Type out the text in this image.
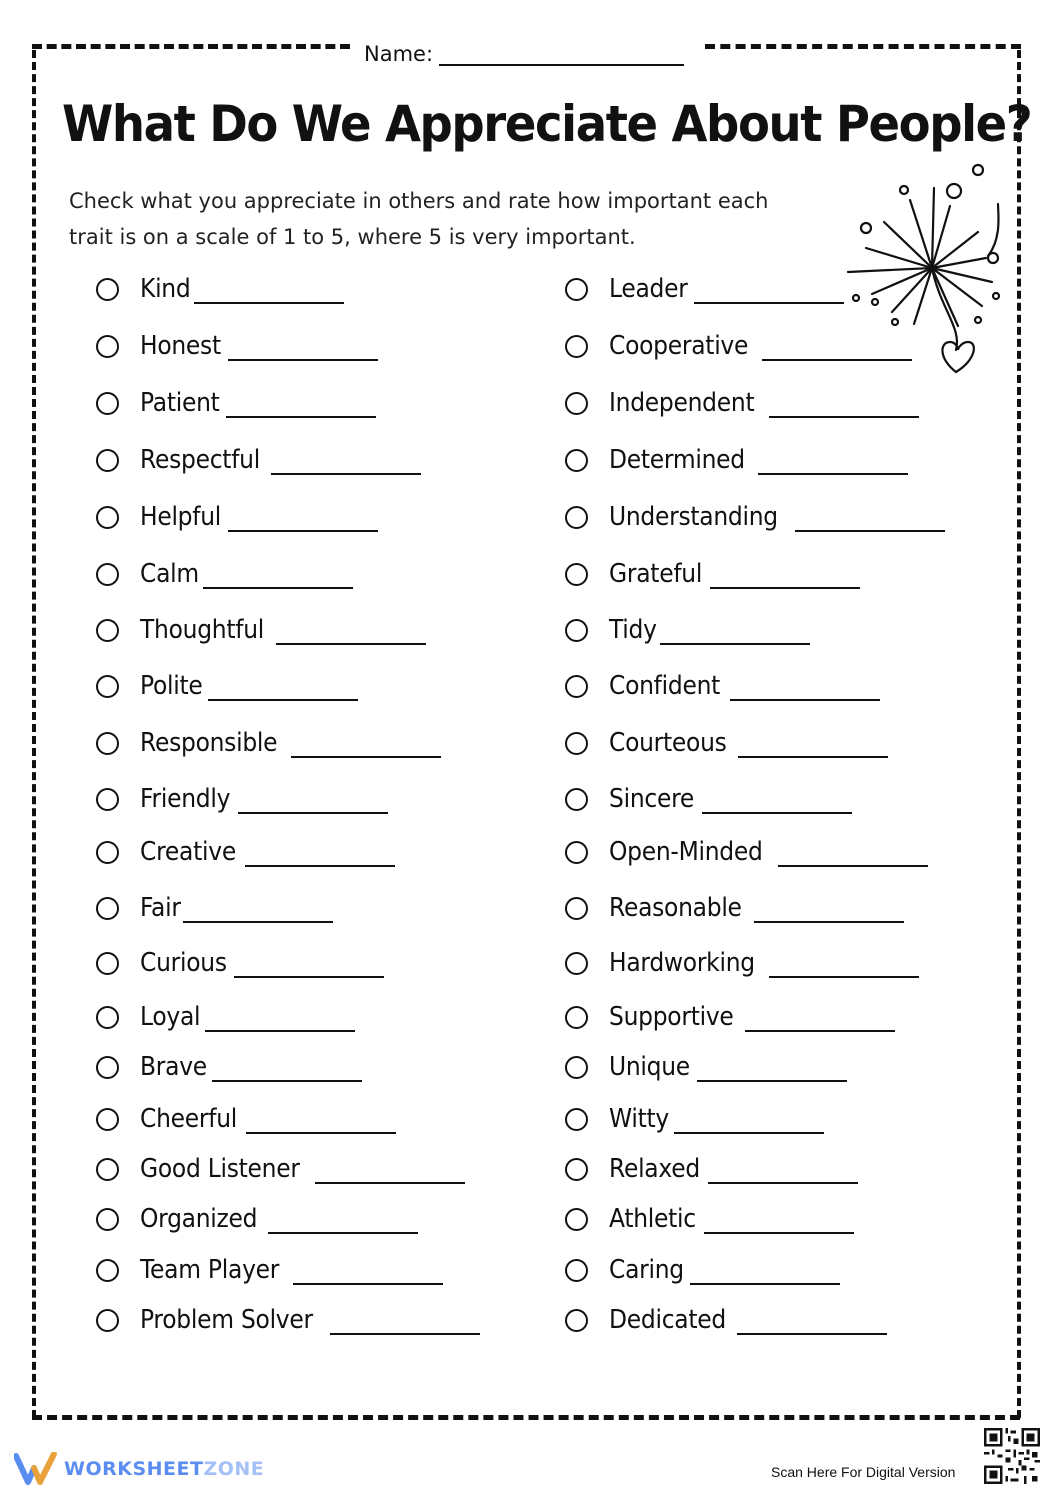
Name:
What Do We Appreciate About People?

Check what you appreciate in others and rate how important each trait is on a scale of 1 to 5, where 5 is very important.

Kind
Honest
Patient
Respectful
Helpful
Calm
Thoughtful
Polite
Responsible
Friendly
Creative
Fair
Curious
Loyal
Brave
Cheerful
Good Listener
Organized
Team Player
Problem Solver
Leader
Cooperative
Independent
Determined
Understanding
Grateful
Tidy
Confident
Courteous
Sincere
Open-Minded
Reasonable
Hardworking
Supportive
Unique
Witty
Relaxed
Athletic
Caring
Dedicated
WORKSHEETZONE	Scan Here For Digital Version
